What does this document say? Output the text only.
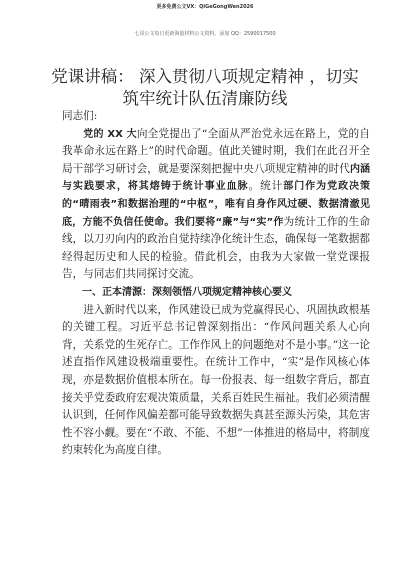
更多免费公文VX：QiGeGongWen2026
七哥公文每日更新海量材料公文资料，添加 QQ：2590017500
党课讲稿： 深入贯彻八项规定精神 ，切实筑牢统计队伍清廉防线

同志们:

党的 XX 大向全党提出了“全面从严治党永远在路上，党的自我革命永远在路上”的时代命题。值此关键时期，我们在此召开全局干部学习研讨会，就是要深刻把握中央八项规定精神的时代内涵与实践要求，将其熔铸于统计事业血脉。统计部门作为党政决策的“晴雨表”和数据治理的“中枢”，唯有自身作风过硬、数据清澈见底，方能不负信任使命。我们要将“廉”与“实”作为统计工作的生命线，以刀刃向内的政治自觉持续净化统计生态，确保每一笔数据都经得起历史和人民的检验。借此机会，由我为大家做一堂党课报告，与同志们共同探讨交流。

一、正本清源：深刻领悟八项规定精神核心要义

进入新时代以来，作风建设已成为党赢得民心、巩固执政根基的关键工程。习近平总书记曾深刻指出：“作风问题关系人心向背，关系党的生死存亡。工作作风上的问题绝对不是小事。”这一论述直指作风建设极端重要性。在统计工作中，“实”是作风核心体现，亦是数据价值根本所在。每一份报表、每一组数字背后，都直接关乎党委政府宏观决策质量，关系百姓民生福祉。我们必须清醒认识到，任何作风偏差都可能导致数据失真甚至源头污染，其危害性不容小觑。要在“不敢、不能、不想”一体推进的格局中，将制度约束转化为高度自律。
